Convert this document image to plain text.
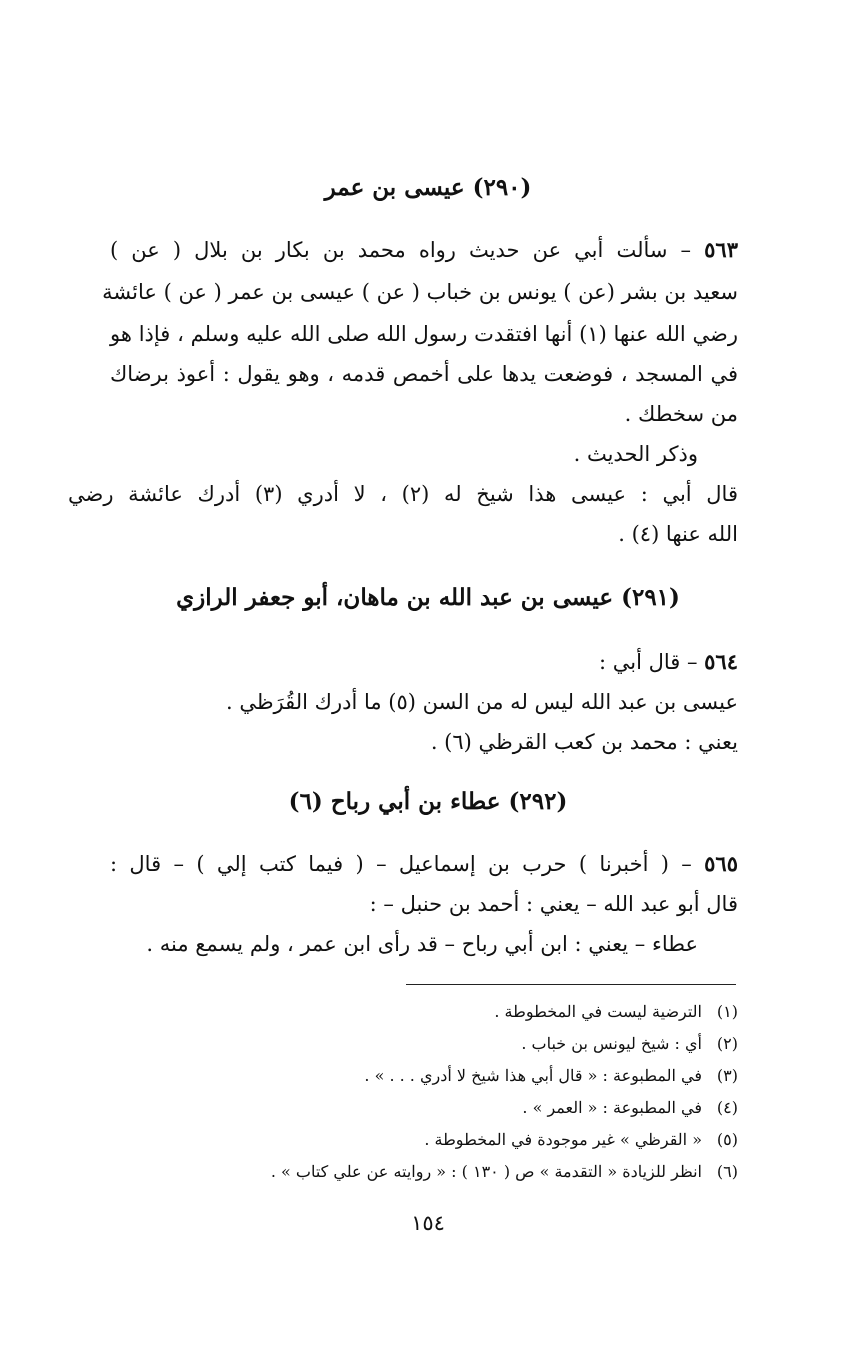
(٢٩٠) عيسى بن عمر
٥٦٣ – سألت أبي عن حديث رواه محمد بن بكار بن بلال ( عن )
سعيد بن بشر (عن ) يونس بن خباب ( عن ) عيسى بن عمر ( عن ) عائشة
رضي الله عنها (١) أنها افتقدت رسول الله صلى الله عليه وسلم ، فإذا هو
في المسجد ، فوضعت يدها على أخمص قدمه ، وهو يقول : أعوذ برضاك
من سخطك .
وذكر الحديث .
قال أبي : عيسى هذا شيخ له (٢) ، لا أدري (٣) أدرك عائشة رضي
الله عنها (٤) .
(٢٩١) عيسى بن عبد الله بن ماهان، أبو جعفر الرازي
٥٦٤ – قال أبي :
عيسى بن عبد الله ليس له من السن (٥) ما أدرك القُرَظي .
يعني : محمد بن كعب القرظي (٦) .
(٢٩٢) عطاء بن أبي رباح (٦)
٥٦٥ – ( أخبرنا ) حرب بن إسماعيل – ( فيما كتب إلي ) – قال :
قال أبو عبد الله – يعني : أحمد بن حنبل – :
عطاء – يعني : ابن أبي رباح – قد رأى ابن عمر ، ولم يسمع منه .
(١)الترضية ليست في المخطوطة .
(٢)أي : شيخ ليونس بن خباب .
(٣)في المطبوعة : « قال أبي هذا شيخ لا أدري . . . » .
(٤)في المطبوعة : « العمر » .
(٥)« القرظي » غير موجودة في المخطوطة .
(٦)انظر للزيادة « التقدمة » ص ( ١٣٠ ) : « روايته عن علي كتاب » .
١٥٤
